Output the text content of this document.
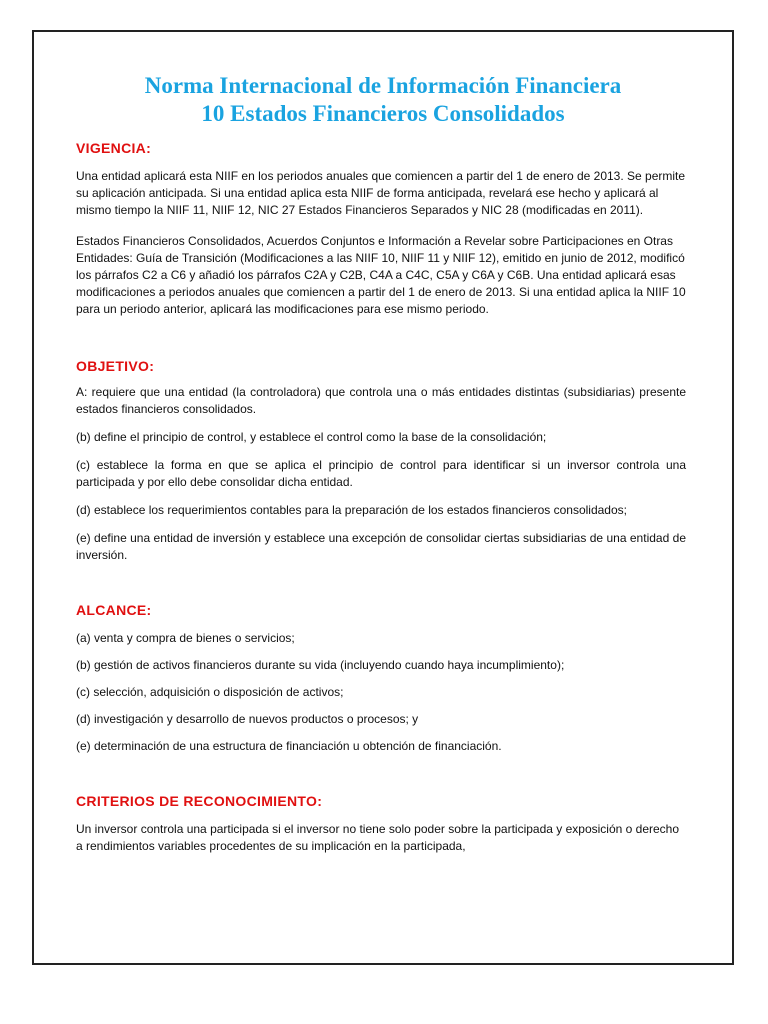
Norma Internacional de Información Financiera
10 Estados Financieros Consolidados

VIGENCIA:

Una entidad aplicará esta NIIF en los periodos anuales que comiencen a partir del 1 de enero de 2013. Se permite su aplicación anticipada. Si una entidad aplica esta NIIF de forma anticipada, revelará ese hecho y aplicará al mismo tiempo la NIIF 11, NIIF 12, NIC 27 Estados Financieros Separados y NIC 28 (modificadas en 2011).

Estados Financieros Consolidados, Acuerdos Conjuntos e Información a Revelar sobre Participaciones en Otras Entidades: Guía de Transición (Modificaciones a las NIIF 10, NIIF 11 y NIIF 12), emitido en junio de 2012, modificó los párrafos C2 a C6 y añadió los párrafos C2A y C2B, C4A a C4C, C5A y C6A y C6B. Una entidad aplicará esas modificaciones a periodos anuales que comiencen a partir del 1 de enero de 2013. Si una entidad aplica la NIIF 10 para un periodo anterior, aplicará las modificaciones para ese mismo periodo.

OBJETIVO:

A: requiere que una entidad (la controladora) que controla una o más entidades distintas (subsidiarias) presente estados financieros consolidados.

(b) define el principio de control, y establece el control como la base de la consolidación;

(c) establece la forma en que se aplica el principio de control para identificar si un inversor controla una participada y por ello debe consolidar dicha entidad.

(d) establece los requerimientos contables para la preparación de los estados financieros consolidados;

(e) define una entidad de inversión y establece una excepción de consolidar ciertas subsidiarias de una entidad de inversión.

ALCANCE:

(a) venta y compra de bienes o servicios;

(b) gestión de activos financieros durante su vida (incluyendo cuando haya incumplimiento);

(c) selección, adquisición o disposición de activos;

(d) investigación y desarrollo de nuevos productos o procesos; y

(e) determinación de una estructura de financiación u obtención de financiación.

CRITERIOS DE RECONOCIMIENTO:

Un inversor controla una participada si el inversor no tiene solo poder sobre la participada y exposición o derecho a rendimientos variables procedentes de su implicación en la participada,
